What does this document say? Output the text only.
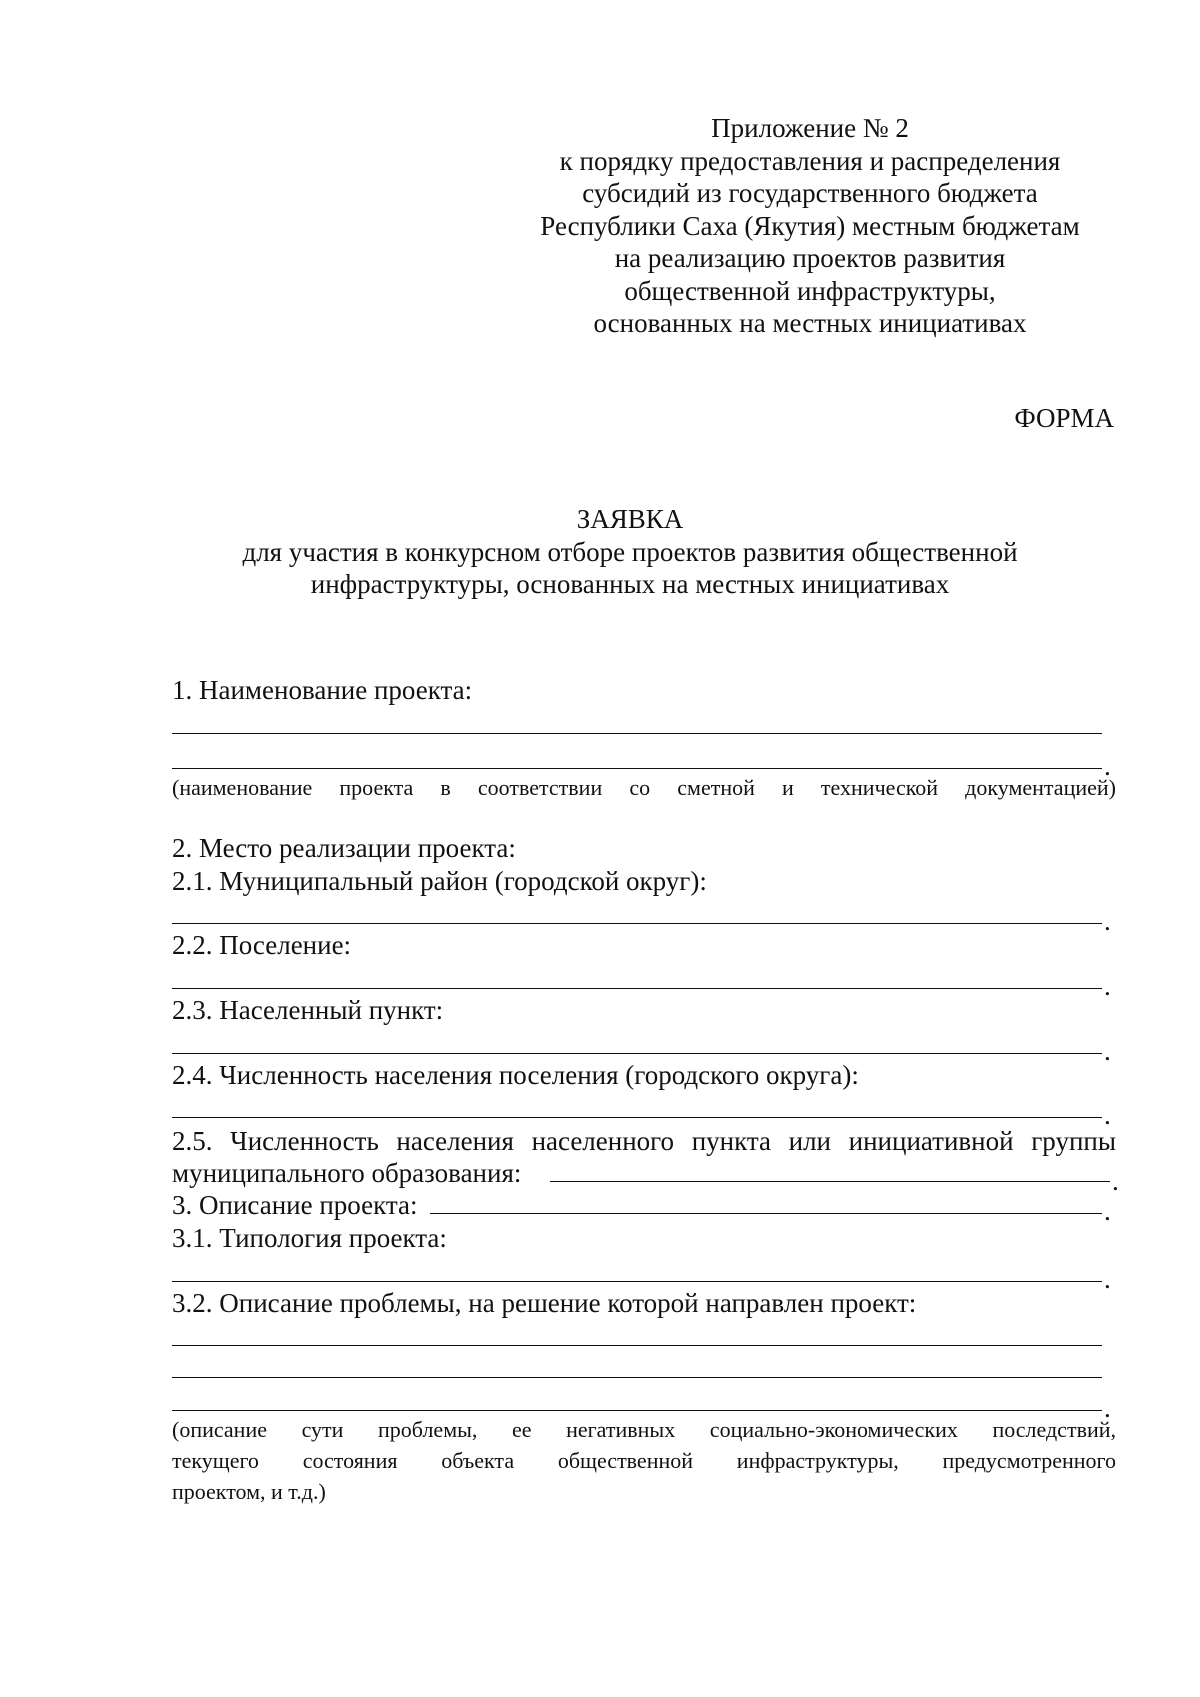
Приложение № 2
к порядку предоставления и распределения
субсидий из государственного бюджета
Республики Саха (Якутия) местным бюджетам
на реализацию проектов развития
общественной инфраструктуры,
основанных на местных инициативах
ФОРМА
ЗАЯВКА
для участия в конкурсном отборе проектов развития общественной
инфраструктуры, основанных на местных инициативах
1. Наименование проекта:
.
(наименование проекта в соответствии со сметной и технической документацией)
2. Место реализации проекта:
2.1. Муниципальный район (городской округ):
.
2.2. Поселение:
.
2.3. Населенный пункт:
.
2.4. Численность населения поселения (городского округа):
.
2.5. Численность населения населенного пункта или инициативной группы
муниципального образования:	.
3. Описание проекта:	.
3.1. Типология проекта:
.
3.2. Описание проблемы, на решение которой направлен проект:
.
(описание сути проблемы, ее негативных социально-экономических последствий,
текущего состояния объекта общественной инфраструктуры, предусмотренного
проектом, и т.д.)
